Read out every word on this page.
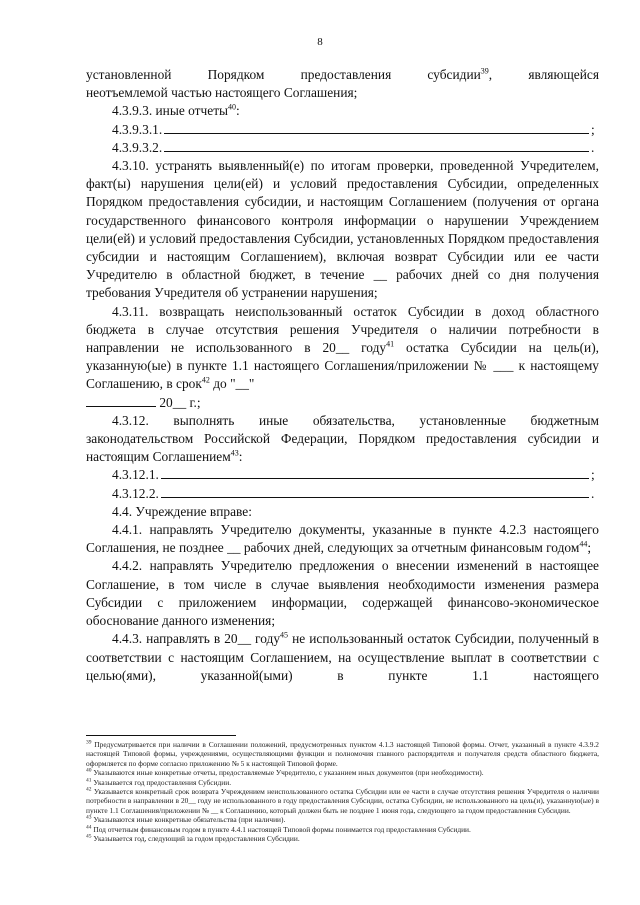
8

установленной Порядком предоставления субсидии$^{39}$, являющейся

неотъемлемой частью настоящего Соглашения;

4.3.9.3. иные отчеты$^{40}$:

4.3.9.3.1.	;
4.3.9.3.2.	.

4.3.10. устранять выявленный(е) по итогам проверки, проведенной Учредителем, факт(ы) нарушения цели(ей) и условий предоставления Субсидии, определенных Порядком предоставления субсидии, и настоящим Соглашением (получения от органа государственного финансового контроля информации о нарушении Учреждением цели(ей) и условий предоставления Субсидии, установленных Порядком предоставления субсидии и настоящим Соглашением), включая возврат Субсидии или ее части Учредителю в областной бюджет, в течение __ рабочих дней со дня получения требования Учредителя об устранении нарушения;

4.3.11. возвращать неиспользованный остаток Субсидии в доход областного бюджета в случае отсутствия решения Учредителя о наличии потребности в направлении не использованного в 20__ году$^{41}$ остатка Субсидии на цель(и), указанную(ые) в пункте 1.1 настоящего Соглашения/приложении № ___ к настоящему Соглашению, в срок$^{42}$ до "__"

20__ г.;

4.3.12. выполнять иные обязательства, установленные бюджетным законодательством Российской Федерации, Порядком предоставления субсидии и настоящим Соглашением$^{43}$:

4.3.12.1.	;
4.3.12.2.	.

4.4. Учреждение вправе:

4.4.1. направлять Учредителю документы, указанные в пункте 4.2.3 настоящего Соглашения, не позднее __ рабочих дней, следующих за отчетным финансовым годом$^{44}$;

4.4.2. направлять Учредителю предложения о внесении изменений в настоящее Соглашение, в том числе в случае выявления необходимости изменения размера Субсидии с приложением информации, содержащей финансово-экономическое обоснование данного изменения;

4.4.3. направлять в 20__ году$^{45}$ не использованный остаток Субсидии, полученный в соответствии с настоящим Соглашением, на осуществление выплат в соответствии с целью(ями), указанной(ыми) в пункте 1.1 настоящего

$^{39}$ Предусматривается при наличии в Соглашении положений, предусмотренных пунктом 4.1.3 настоящей Типовой формы. Отчет, указанный в пункте 4.3.9.2 настоящей Типовой формы, учреждениями, осуществляющими функции и полномочия главного распорядителя и получателя средств областного бюджета, оформляется по форме согласно приложению № 5 к настоящей Типовой форме.

$^{40}$ Указываются иные конкретные отчеты, предоставляемые Учредителю, с указанием иных документов (при необходимости).

$^{41}$ Указывается год предоставления Субсидии.

$^{42}$ Указывается конкретный срок возврата Учреждением неиспользованного остатка Субсидии или ее части в случае отсутствия решения Учредителя о наличии потребности в направлении в 20__ году не использованного в году предоставления Субсидии, остатка Субсидии, не использованного на цель(и), указанную(ые) в пункте 1.1 Соглашения/приложении № __ к Соглашению, который должен быть не позднее 1 июня года, следующего за годом предоставления Субсидии.

$^{43}$ Указываются иные конкретные обязательства (при наличии).

$^{44}$ Под отчетным финансовым годом в пункте 4.4.1 настоящей Типовой формы понимается год предоставления Субсидии.

$^{45}$ Указывается год, следующий за годом предоставления Субсидии.
